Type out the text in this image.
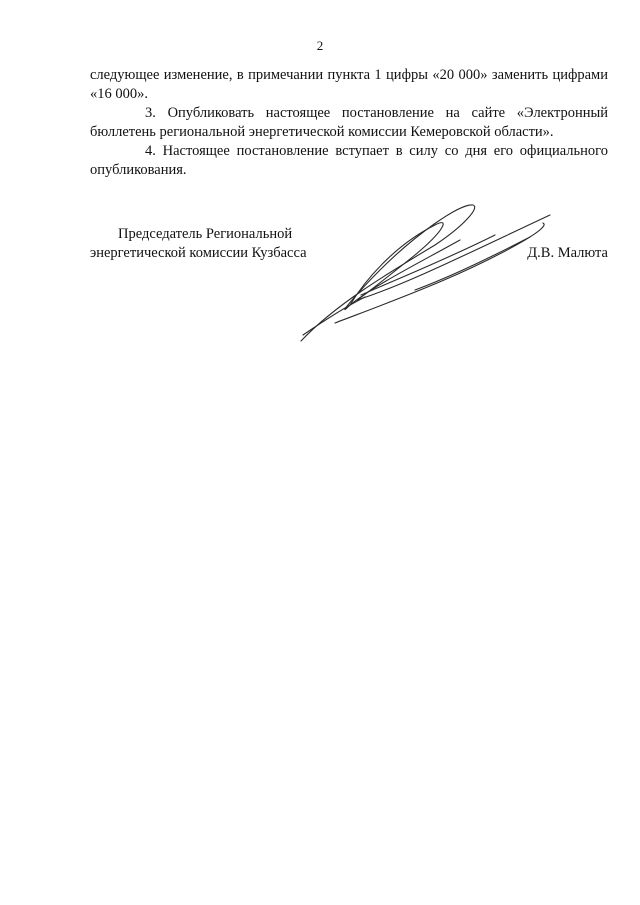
2

следующее изменение, в примечании пункта 1 цифры «20 000» заменить цифрами «16 000».

3. Опубликовать настоящее постановление на сайте «Электронный бюллетень региональной энергетической комиссии Кемеровской области».

4. Настоящее постановление вступает в силу со дня его официального опубликования.

Председатель Региональной
энергетической комиссии Кузбасса	Д.В. Малюта
